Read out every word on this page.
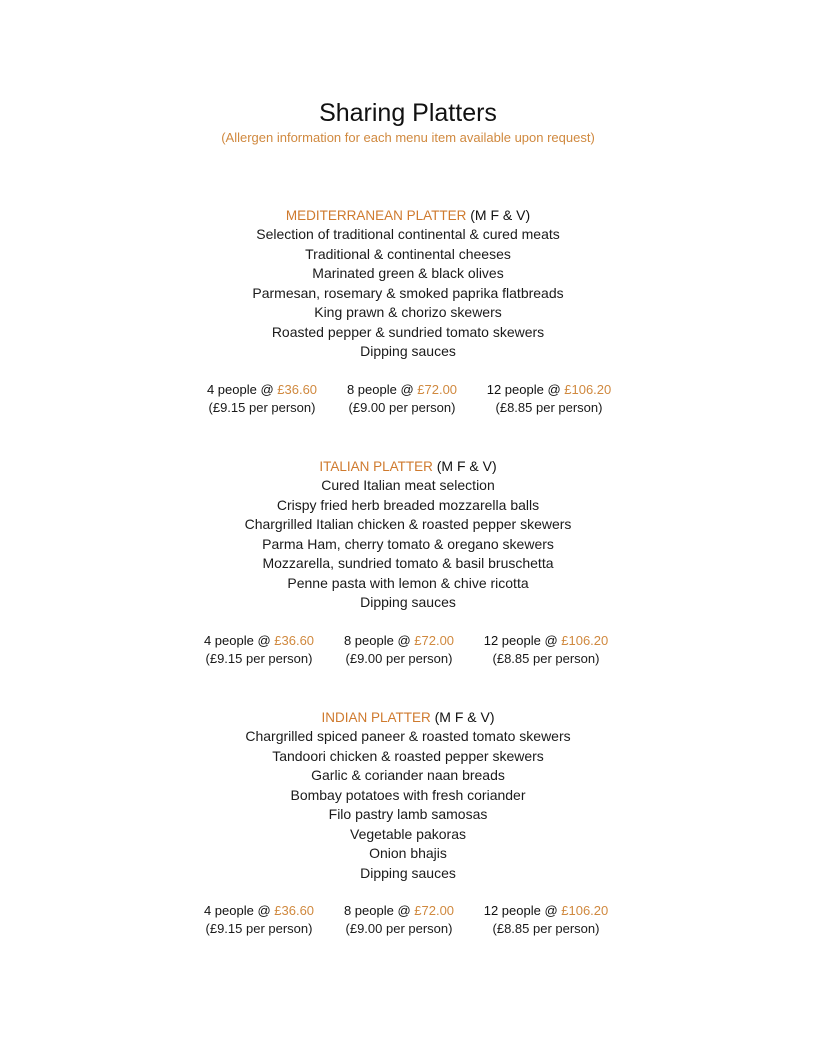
Sharing Platters
(Allergen information for each menu item available upon request)
MEDITERRANEAN PLATTER (M F & V)
Selection of traditional continental & cured meats
Traditional & continental cheeses
Marinated green & black olives
Parmesan, rosemary & smoked paprika flatbreads
King prawn & chorizo skewers
Roasted pepper & sundried tomato skewers
Dipping sauces
4 people @ £36.60
(£9.15 per person)
8 people @ £72.00
(£9.00 per person)
12 people @ £106.20
(£8.85 per person)
ITALIAN PLATTER (M F & V)
Cured Italian meat selection
Crispy fried herb breaded mozzarella balls
Chargrilled Italian chicken & roasted pepper skewers
Parma Ham, cherry tomato & oregano skewers
Mozzarella, sundried tomato & basil bruschetta
Penne pasta with lemon & chive ricotta
Dipping sauces
4 people @ £36.60
(£9.15 per person)
8 people @ £72.00
(£9.00 per person)
12 people @ £106.20
(£8.85 per person)
INDIAN PLATTER (M F & V)
Chargrilled spiced paneer & roasted tomato skewers
Tandoori chicken & roasted pepper skewers
Garlic & coriander naan breads
Bombay potatoes with fresh coriander
Filo pastry lamb samosas
Vegetable pakoras
Onion bhajis
Dipping sauces
4 people @ £36.60
(£9.15 per person)
8 people @ £72.00
(£9.00 per person)
12 people @ £106.20
(£8.85 per person)
